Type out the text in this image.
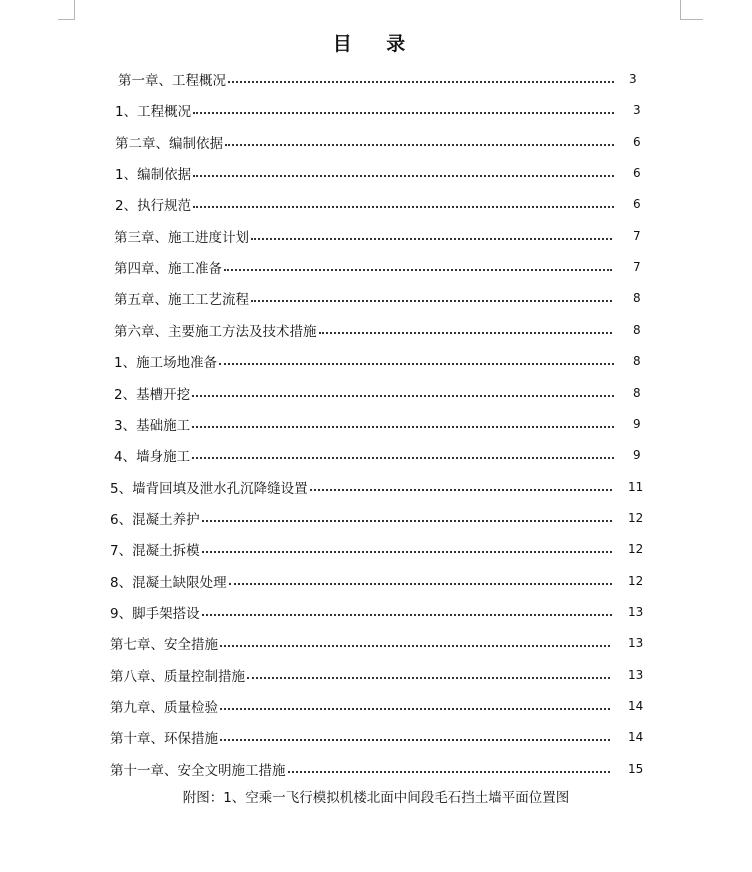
目 录
第一章、工程概况	3
1、工程概况	3
第二章、编制依据	6
1、编制依据	6
2、执行规范	6
第三章、施工进度计划	7
第四章、施工准备	7
第五章、施工工艺流程	8
第六章、主要施工方法及技术措施	8
1、施工场地准备	8
2、基槽开挖	8
3、基础施工	9
4、墙身施工	9
5、墙背回填及泄水孔沉降缝设置	11
6、混凝土养护	12
7、混凝土拆模	12
8、混凝土缺限处理	12
9、脚手架搭设	13
第七章、安全措施	13
第八章、质量控制措施	13
第九章、质量检验	14
第十章、环保措施	14
第十一章、安全文明施工措施	15
附图：1、空乘一飞行模拟机楼北面中间段毛石挡土墙平面位置图
